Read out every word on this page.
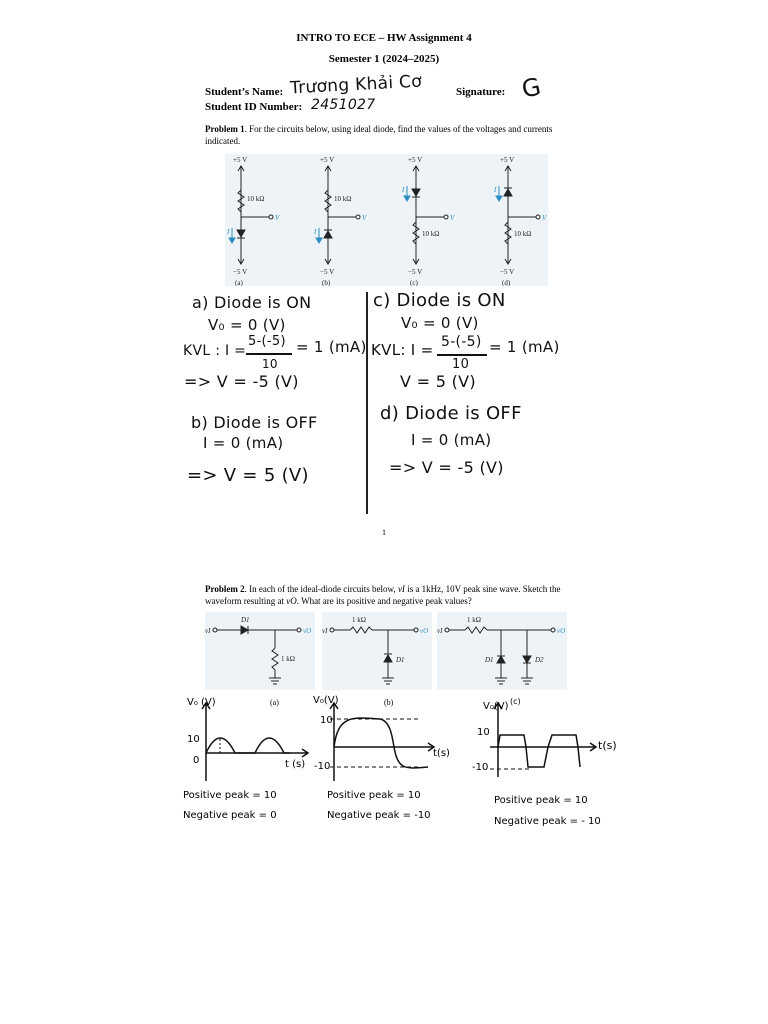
INTRO TO ECE – HW Assignment 4
Semester 1 (2024–2025)
Student’s Name: Trương Khải Cơ
Student ID Number: 2451027
Signature: G
Problem 1. For the circuits below, using ideal diode, find the values of the voltages and currents indicated.
+5 V
10 kΩ
V
I
−5 V
(a)
+5 V
10 kΩ
V
I
−5 V
(b)
+5 V
10 kΩ
V
I
−5 V
(c)
+5 V
10 kΩ
V
I
−5 V
(d)
a) Diode is ON
V₀ = 0 (V)
KVL : I =
5-(-5)
10
= 1 (mA)
=> V = -5 (V)
b) Diode is OFF
I = 0 (mA)
=> V = 5 (V)
c) Diode is ON
V₀ = 0 (V)
KVL: I = 5-(-5)
10
= 1 (mA)
V = 5 (V)
d) Diode is OFF
I = 0 (mA)
=> V = -5 (V)
1
Problem 2. In each of the ideal-diode circuits below, vI is a 1kHz, 10V peak sine wave. Sketch the waveform resulting at vO. What are its positive and negative peak values?
vI
D1
vO
1 kΩ
vI
1 kΩ
vO
D1
vI
1 kΩ
vO
D1	D2
(a)	(b)
V₀ (V)
10
0	t (s)
Positive peak = 10
Negative peak = 0
V₀(V)
10
-10
t(s)
Positive peak = 10
Negative peak = -10
V₀(V) (c)
10
-10
t(s)
Positive peak = 10
Negative peak = - 10
